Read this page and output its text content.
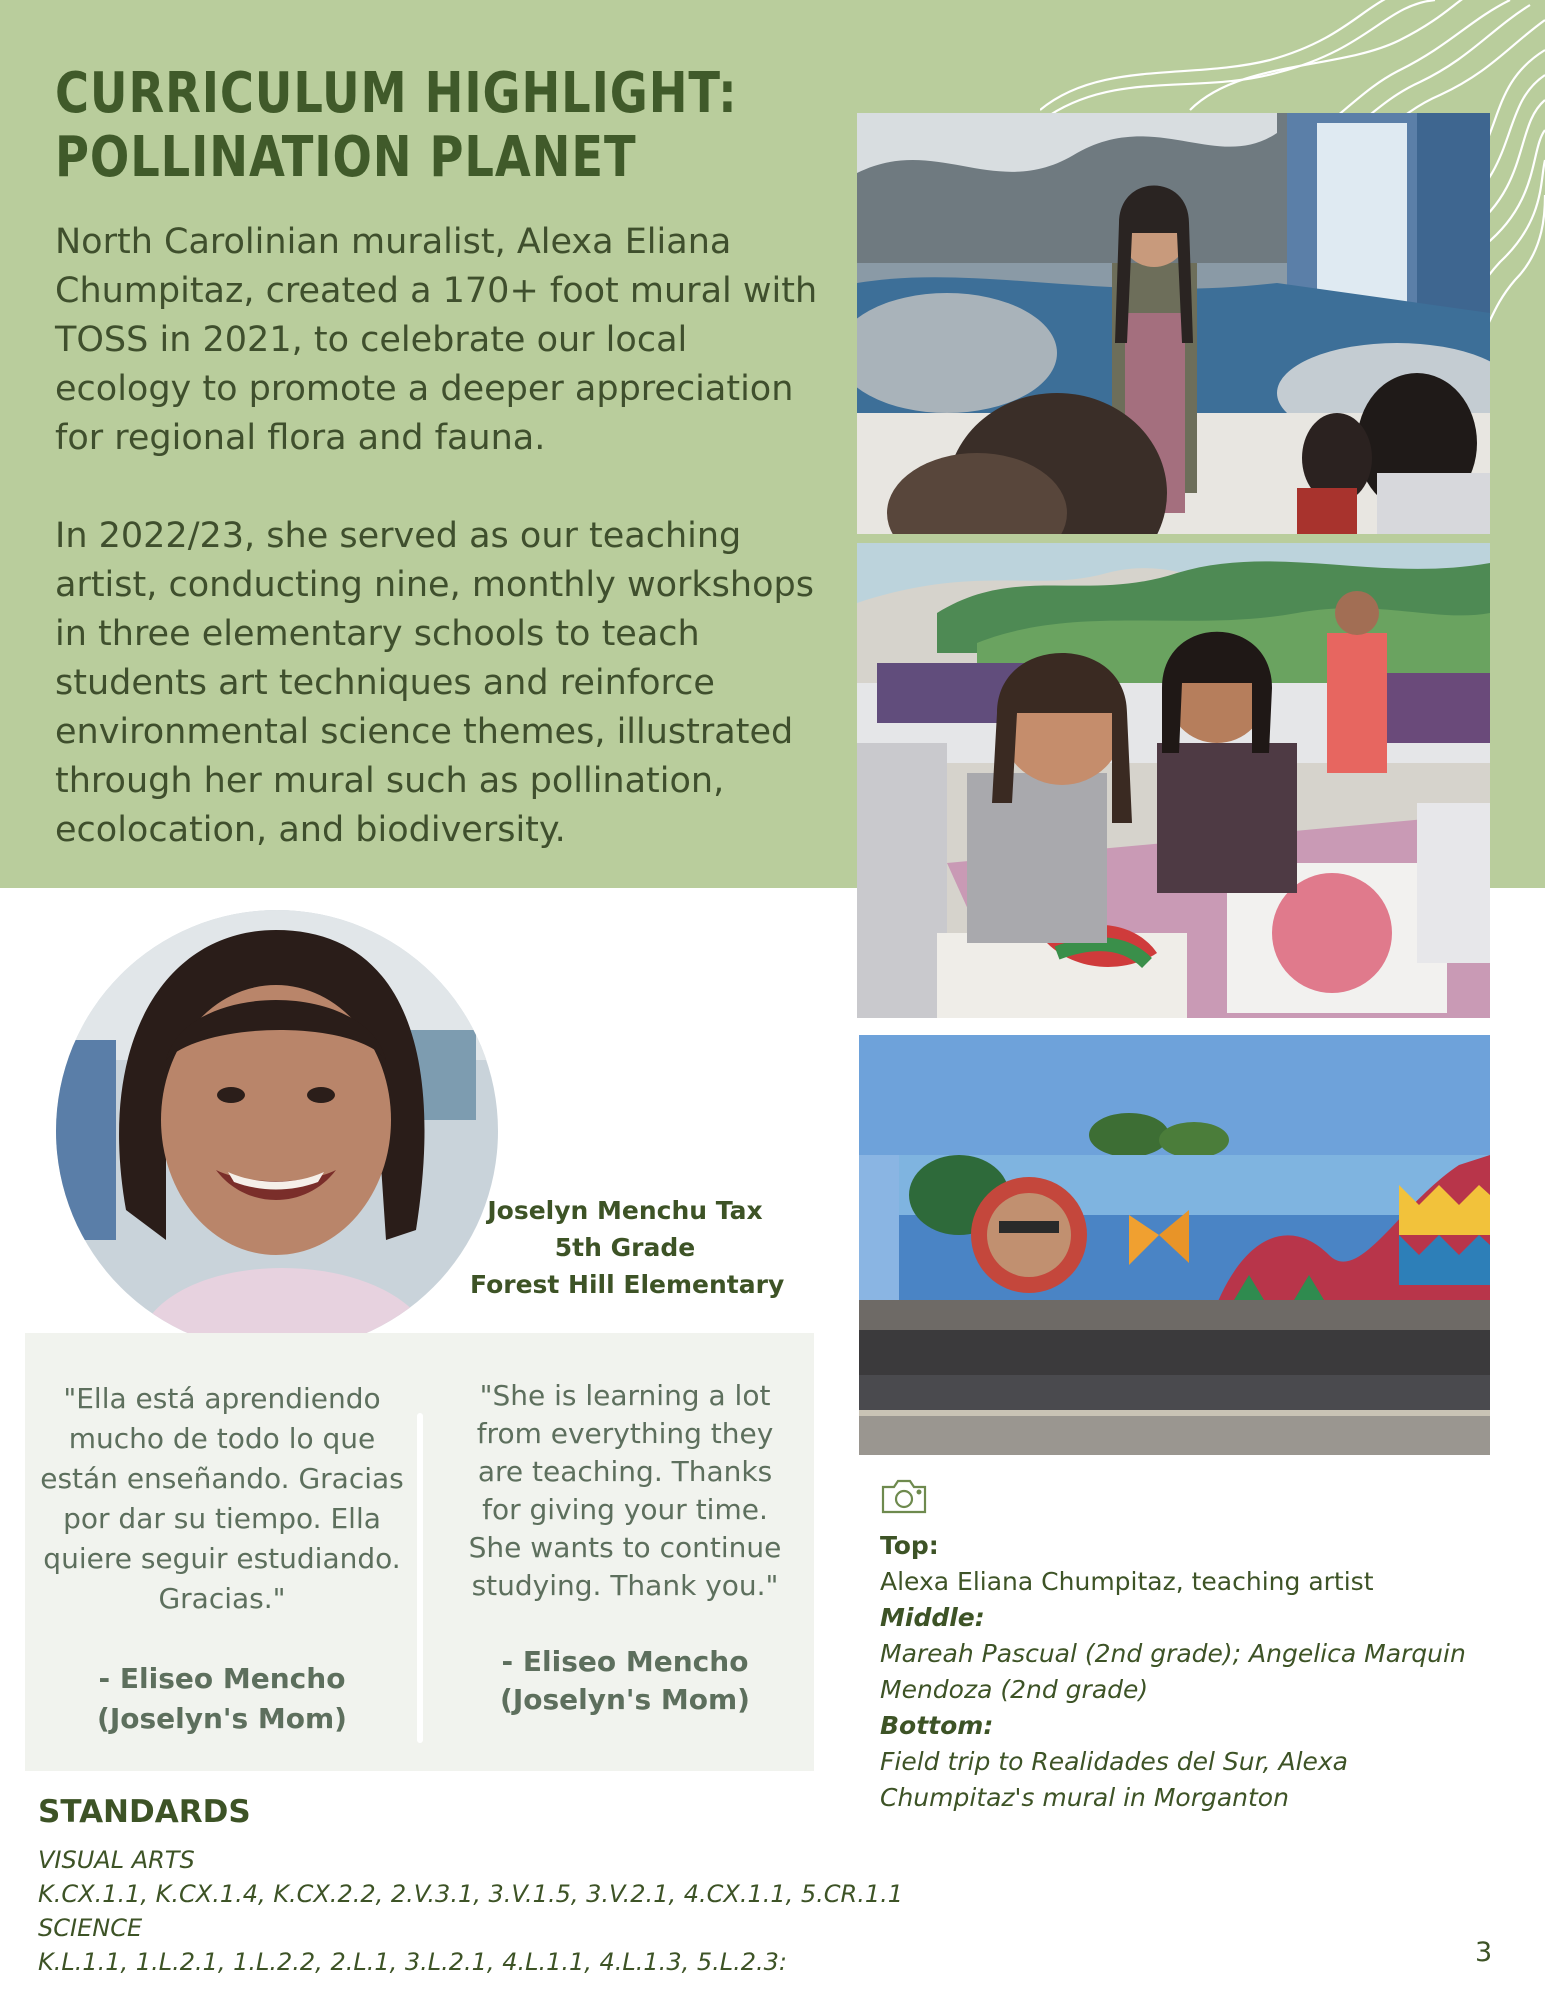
CURRICULUM HIGHLIGHT:
POLLINATION PLANET

North Carolinian muralist, Alexa Eliana Chumpitaz, created a 170+ foot mural with TOSS in 2021, to celebrate our local ecology to promote a deeper appreciation for regional flora and fauna.

In 2022/23, she served as our teaching artist, conducting nine, monthly workshops in three elementary schools to teach students art techniques and reinforce environmental science themes, illustrated through her mural such as pollination, ecolocation, and biodiversity.

Joselyn Menchu Tax
5th Grade
Forest Hill Elementary
"Ella está aprendiendo mucho de todo lo que están enseñando. Gracias por dar su tiempo. Ella quiere seguir estudiando. Gracias."
- Eliseo Mencho
(Joselyn's Mom)
"She is learning a lot from everything they are teaching. Thanks for giving your time. She wants to continue studying. Thank you."
- Eliseo Mencho
(Joselyn's Mom)
STANDARDS
VISUAL ARTS
K.CX.1.1, K.CX.1.4, K.CX.2.2, 2.V.3.1, 3.V.1.5, 3.V.2.1, 4.CX.1.1, 5.CR.1.1
SCIENCE
K.L.1.1, 1.L.2.1, 1.L.2.2, 2.L.1, 3.L.2.1, 4.L.1.1, 4.L.1.3, 5.L.2.3:
Top:
Alexa Eliana Chumpitaz, teaching artist
Middle:
Mareah Pascual (2nd grade); Angelica Marquin Mendoza (2nd grade)
Bottom:
Field trip to Realidades del Sur, Alexa Chumpitaz's mural in Morganton
3
